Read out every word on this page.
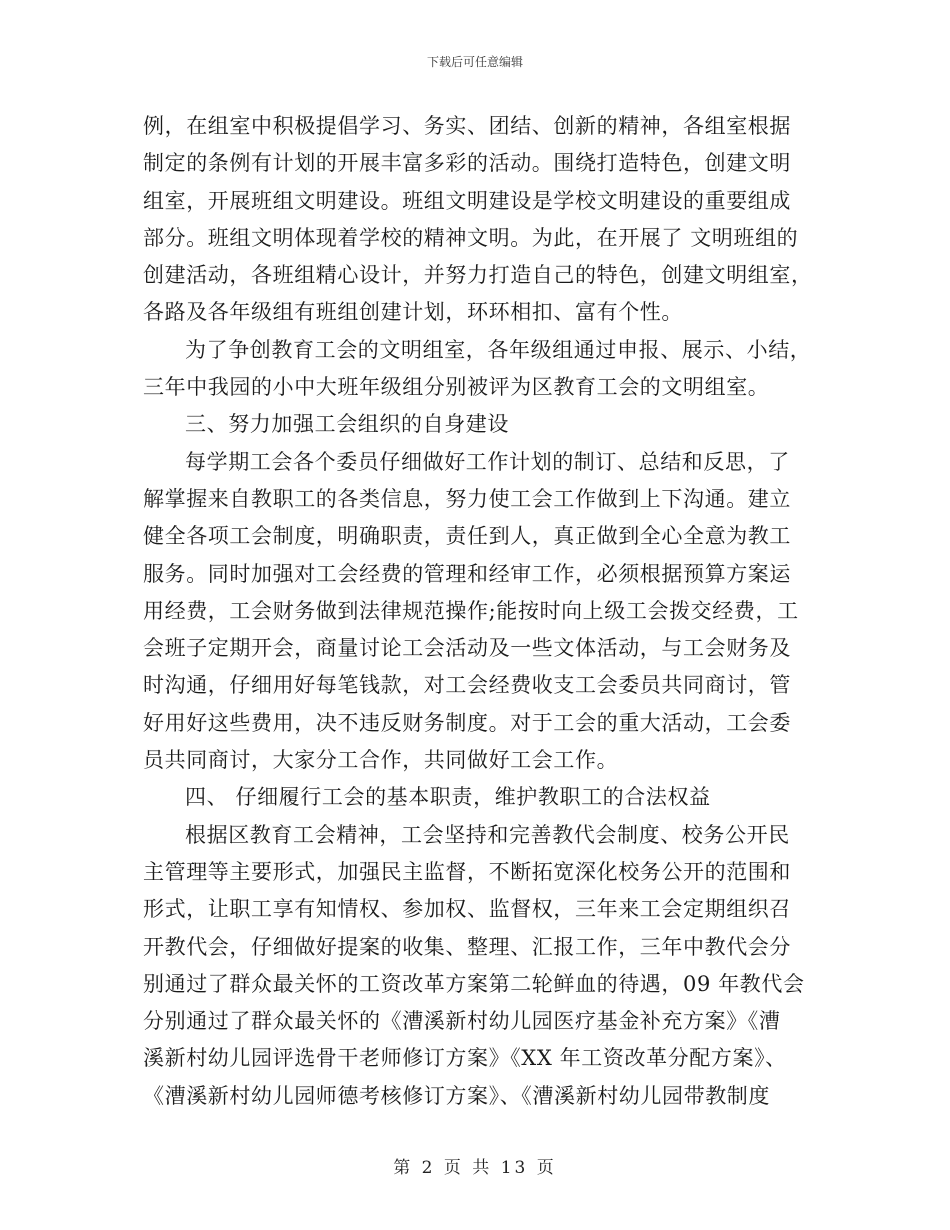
下载后可任意编辑
例，在组室中积极提倡学习、务实、团结、创新的精神，各组室根据
制定的条例有计划的开展丰富多彩的活动。围绕打造特色，创建文明
组室，开展班组文明建设。班组文明建设是学校文明建设的重要组成
部分。班组文明体现着学校的精神文明。为此，在开展了 文明班组的
创建活动，各班组精心设计，并努力打造自己的特色，创建文明组室，
各路及各年级组有班组创建计划，环环相扣、富有个性。
为了争创教育工会的文明组室，各年级组通过申报、展示、小结，
三年中我园的小中大班年级组分别被评为区教育工会的文明组室。
三、努力加强工会组织的自身建设
每学期工会各个委员仔细做好工作计划的制订、总结和反思，了
解掌握来自教职工的各类信息，努力使工会工作做到上下沟通。建立
健全各项工会制度，明确职责，责任到人，真正做到全心全意为教工
服务。同时加强对工会经费的管理和经审工作，必须根据预算方案运
用经费，工会财务做到法律规范操作;能按时向上级工会拨交经费，工
会班子定期开会，商量讨论工会活动及一些文体活动，与工会财务及
时沟通，仔细用好每笔钱款，对工会经费收支工会委员共同商讨，管
好用好这些费用，决不违反财务制度。对于工会的重大活动，工会委
员共同商讨，大家分工合作，共同做好工会工作。
四、 仔细履行工会的基本职责，维护教职工的合法权益
根据区教育工会精神，工会坚持和完善教代会制度、校务公开民
主管理等主要形式，加强民主监督，不断拓宽深化校务公开的范围和
形式，让职工享有知情权、参加权、监督权，三年来工会定期组织召
开教代会，仔细做好提案的收集、整理、汇报工作，三年中教代会分
别通过了群众最关怀的工资改革方案第二轮鲜血的待遇，09 年教代会
分别通过了群众最关怀的《漕溪新村幼儿园医疗基金补充方案》《漕
溪新村幼儿园评选骨干老师修订方案》《XX 年工资改革分配方案》、
《漕溪新村幼儿园师德考核修订方案》、《漕溪新村幼儿园带教制度
第 2 页 共 13 页
